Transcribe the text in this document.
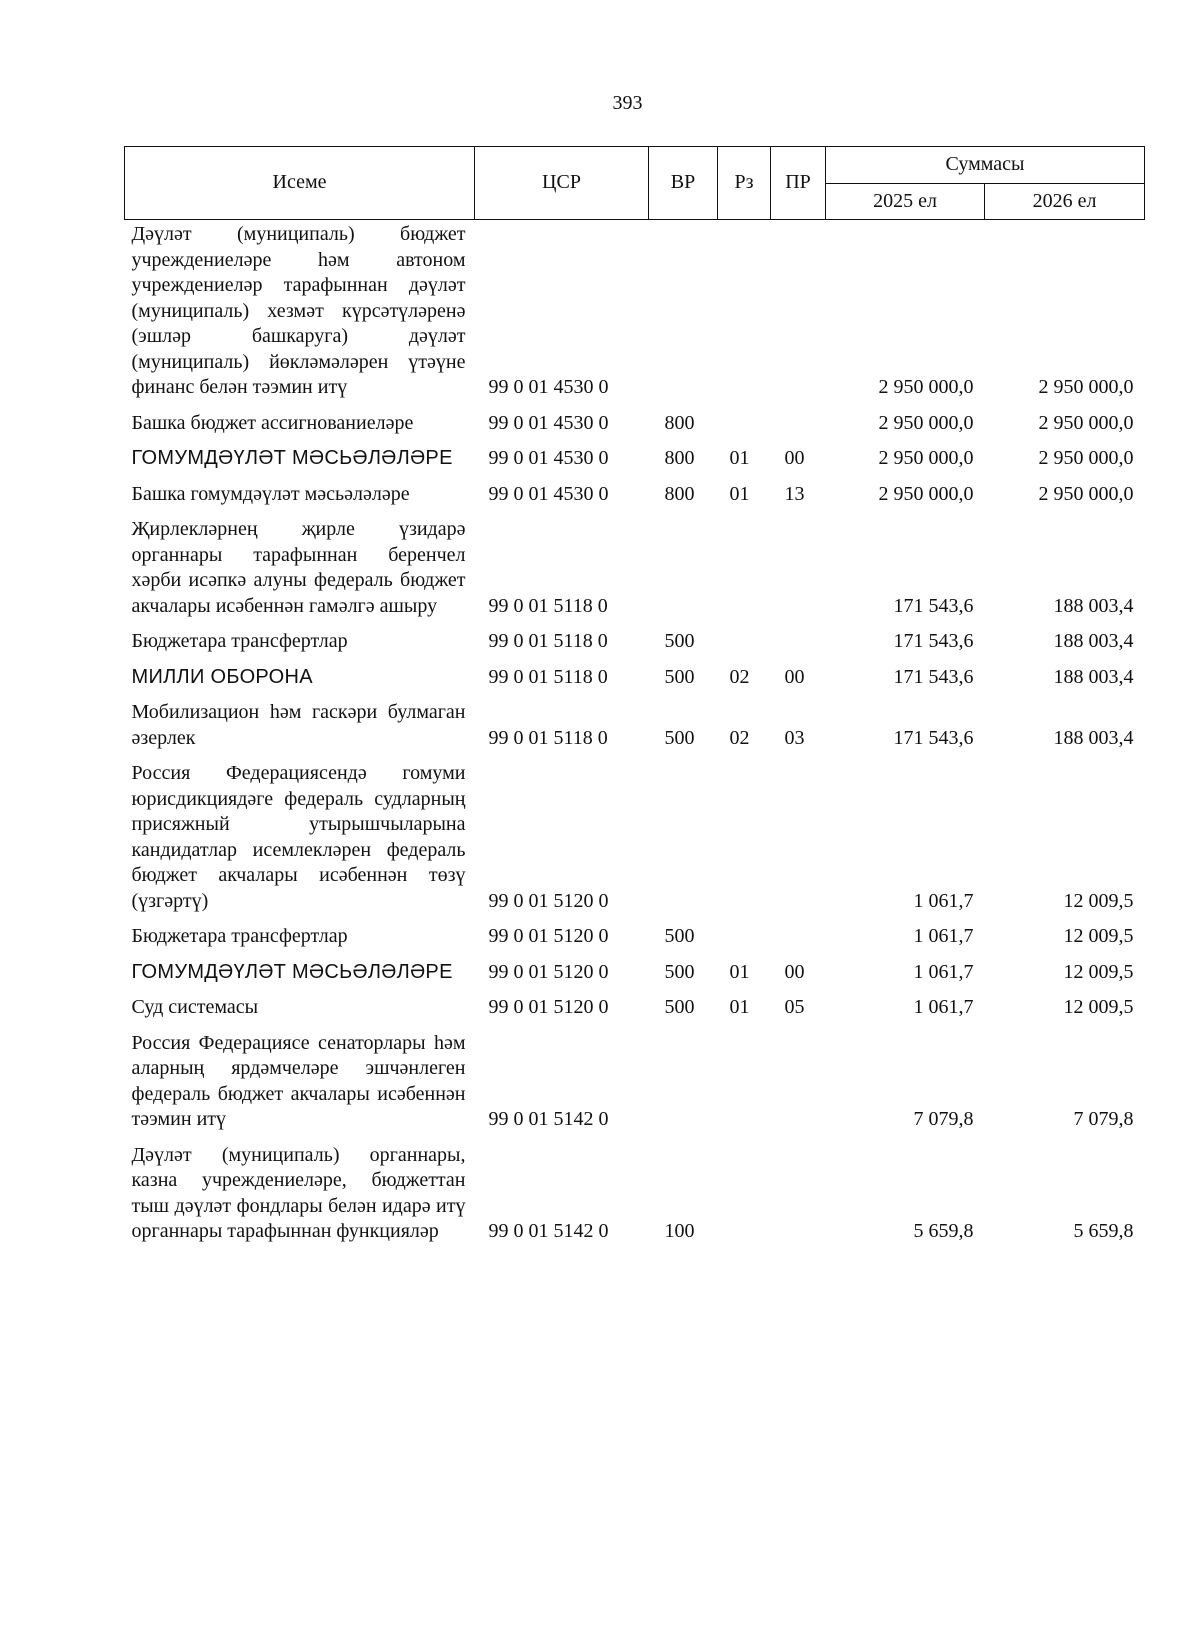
393
Исеме	ЦСР	ВР	Рз	ПР	Суммасы	
					2025 ел	2026 ел
Дәүләт (муниципаль) бюджет учреждениеләре һәм автоном учреждениеләр тарафыннан дәүләт (муниципаль) хезмәт күрсәтүләренә (эшләр башкаруга) дәүләт (муниципаль) йөкләмәләрен үтәүне финанс белән тәэмин итү	99 0 01 4530 0				2 950 000,0	2 950 000,0
Башка бюджет ассигнованиеләре	99 0 01 4530 0	800			2 950 000,0	2 950 000,0
ГОМУМДӘҮЛӘТ МӘСЬӘЛӘЛӘРЕ	99 0 01 4530 0	800	01	00	2 950 000,0	2 950 000,0
Башка гомумдәүләт мәсьәләләре	99 0 01 4530 0	800	01	13	2 950 000,0	2 950 000,0
Җирлекләрнең җирле үзидарә органнары тарафыннан беренчел хәрби исәпкә алуны федераль бюджет акчалары исәбеннән гамәлгә ашыру	99 0 01 5118 0				171 543,6	188 003,4
Бюджетара трансфертлар	99 0 01 5118 0	500			171 543,6	188 003,4
МИЛЛИ ОБОРОНА	99 0 01 5118 0	500	02	00	171 543,6	188 003,4
Мобилизацион һәм гаскәри булмаган әзерлек	99 0 01 5118 0	500	02	03	171 543,6	188 003,4
Россия Федерациясендә гомуми юрисдикциядәге федераль судларның присяжный утырышчыларына кандидатлар исемлекләрен федераль бюджет акчалары исәбеннән төзү (үзгәртү)	99 0 01 5120 0				1 061,7	12 009,5
Бюджетара трансфертлар	99 0 01 5120 0	500			1 061,7	12 009,5
ГОМУМДӘҮЛӘТ МӘСЬӘЛӘЛӘРЕ	99 0 01 5120 0	500	01	00	1 061,7	12 009,5
Суд системасы	99 0 01 5120 0	500	01	05	1 061,7	12 009,5
Россия Федерациясе сенаторлары һәм аларның ярдәмчеләре эшчәнлеген федераль бюджет акчалары исәбеннән тәэмин итү	99 0 01 5142 0				7 079,8	7 079,8
Дәүләт (муниципаль) органнары, казна учреждениеләре, бюджеттан тыш дәүләт фондлары белән идарә итү органнары тарафыннан функцияләр	99 0 01 5142 0	100			5 659,8	5 659,8
